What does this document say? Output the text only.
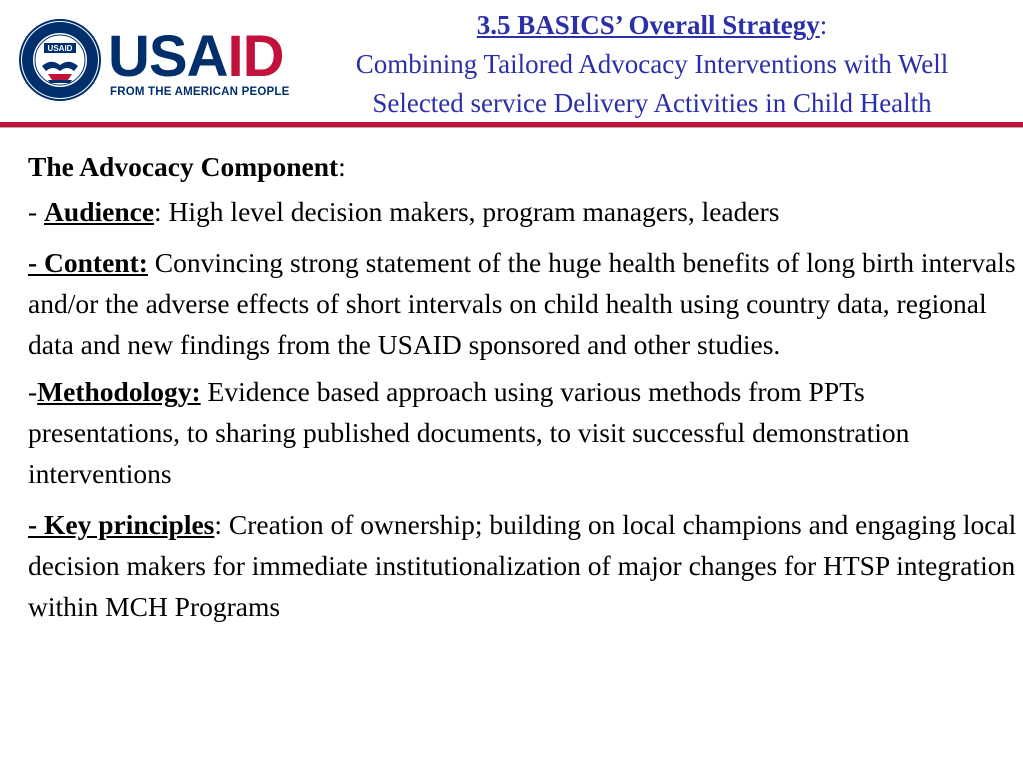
USAID USAID
FROM THE AMERICAN PEOPLE
3.5 BASICS’ Overall Strategy:
Combining Tailored Advocacy Interventions with Well
Selected service Delivery Activities in Child Health

The Advocacy Component:

- Audience: High level decision makers, program managers, leaders

- Content: Convincing strong statement of the huge health benefits of long birth intervals and/or the adverse effects of short intervals on child health using country data, regional data and new findings from the USAID sponsored and other studies.

-Methodology: Evidence based approach using various methods from PPTs presentations, to sharing published documents, to visit successful demonstration interventions

- Key principles: Creation of ownership; building on local champions and engaging local decision makers for immediate institutionalization of major changes for HTSP integration within MCH Programs
